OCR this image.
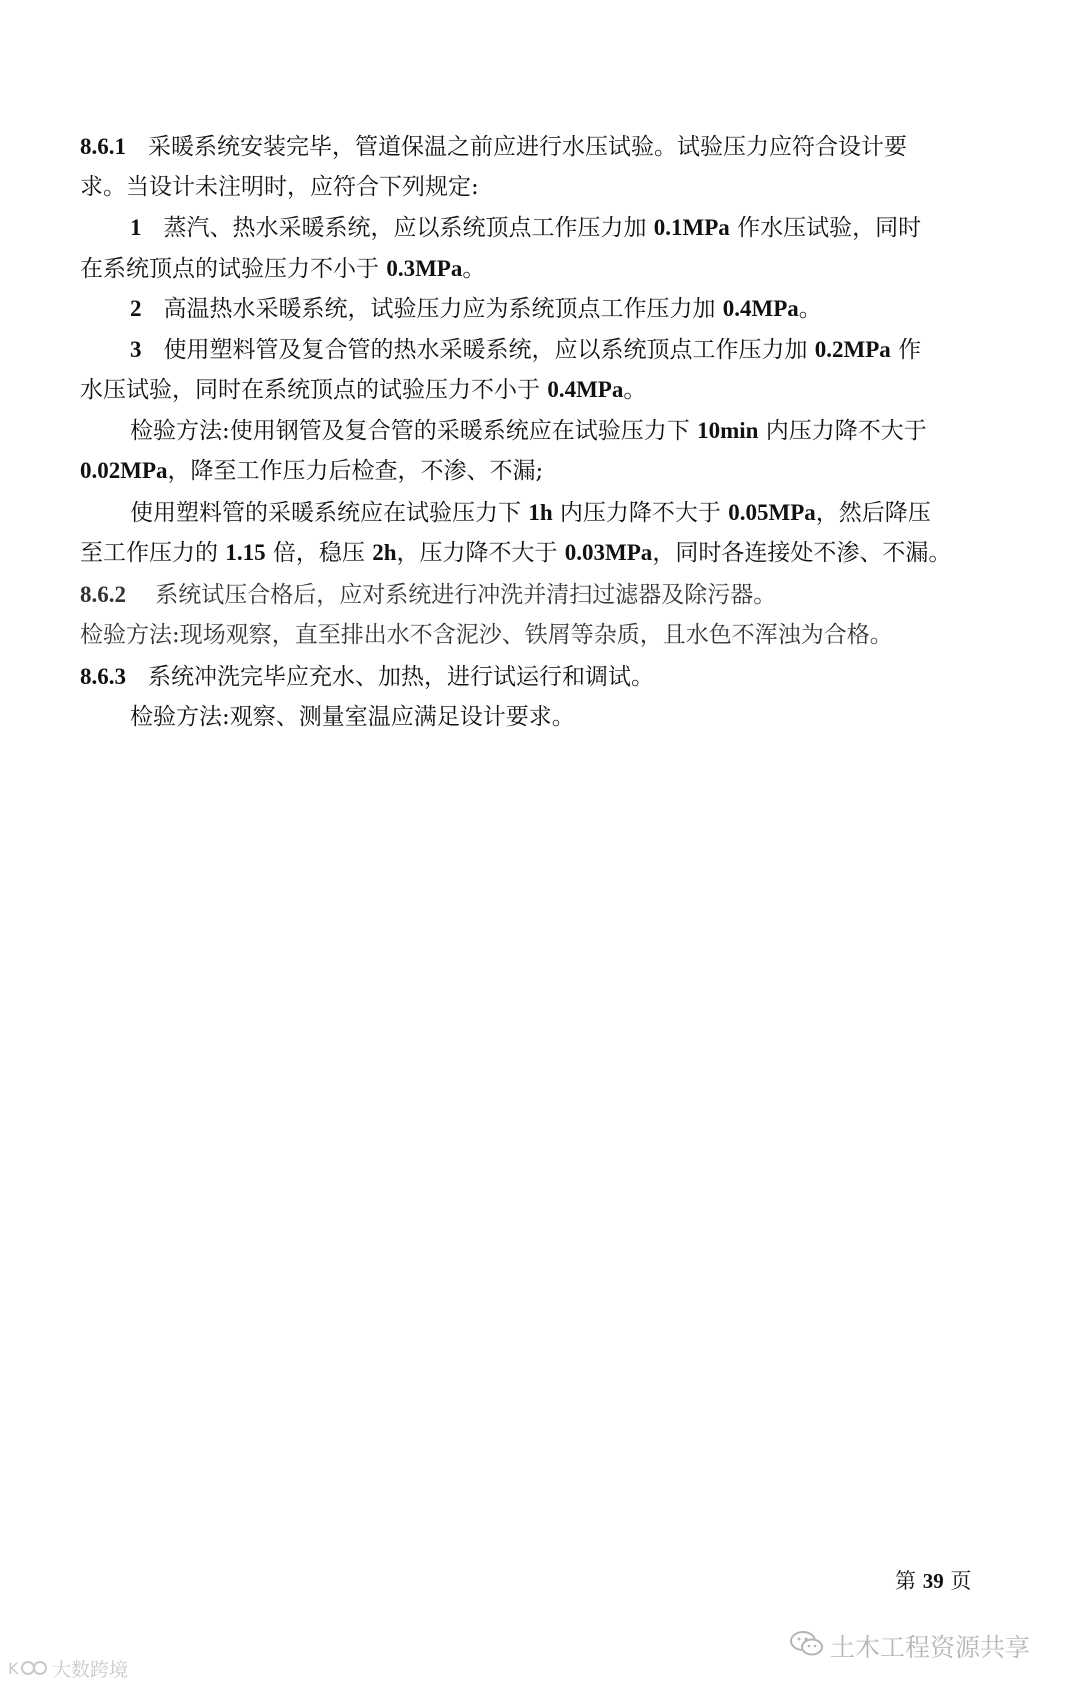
8.6.1 采暖系统安装完毕，管道保温之前应进行水压试验。试验压力应符合设计要
求。当设计未注明时，应符合下列规定:
1 蒸汽、热水采暖系统，应以系统顶点工作压力加 0.1MPa 作水压试验，同时
在系统顶点的试验压力不小于 0.3MPa。
2 高温热水采暖系统，试验压力应为系统顶点工作压力加 0.4MPa。
3 使用塑料管及复合管的热水采暖系统，应以系统顶点工作压力加 0.2MPa 作
水压试验，同时在系统顶点的试验压力不小于 0.4MPa。
检验方法:使用钢管及复合管的采暖系统应在试验压力下 10min 内压力降不大于
0.02MPa，降至工作压力后检查，不渗、不漏;
使用塑料管的采暖系统应在试验压力下 1h 内压力降不大于 0.05MPa，然后降压
至工作压力的 1.15 倍，稳压 2h，压力降不大于 0.03MPa，同时各连接处不渗、不漏。
8.6.2 系统试压合格后，应对系统进行冲洗并清扫过滤器及除污器。
检验方法:现场观察，直至排出水不含泥沙、铁屑等杂质，且水色不浑浊为合格。
8.6.3 系统冲洗完毕应充水、加热，进行试运行和调试。
检验方法:观察、测量室温应满足设计要求。
第 39 页
K 大数跨境
土木工程资源共享
